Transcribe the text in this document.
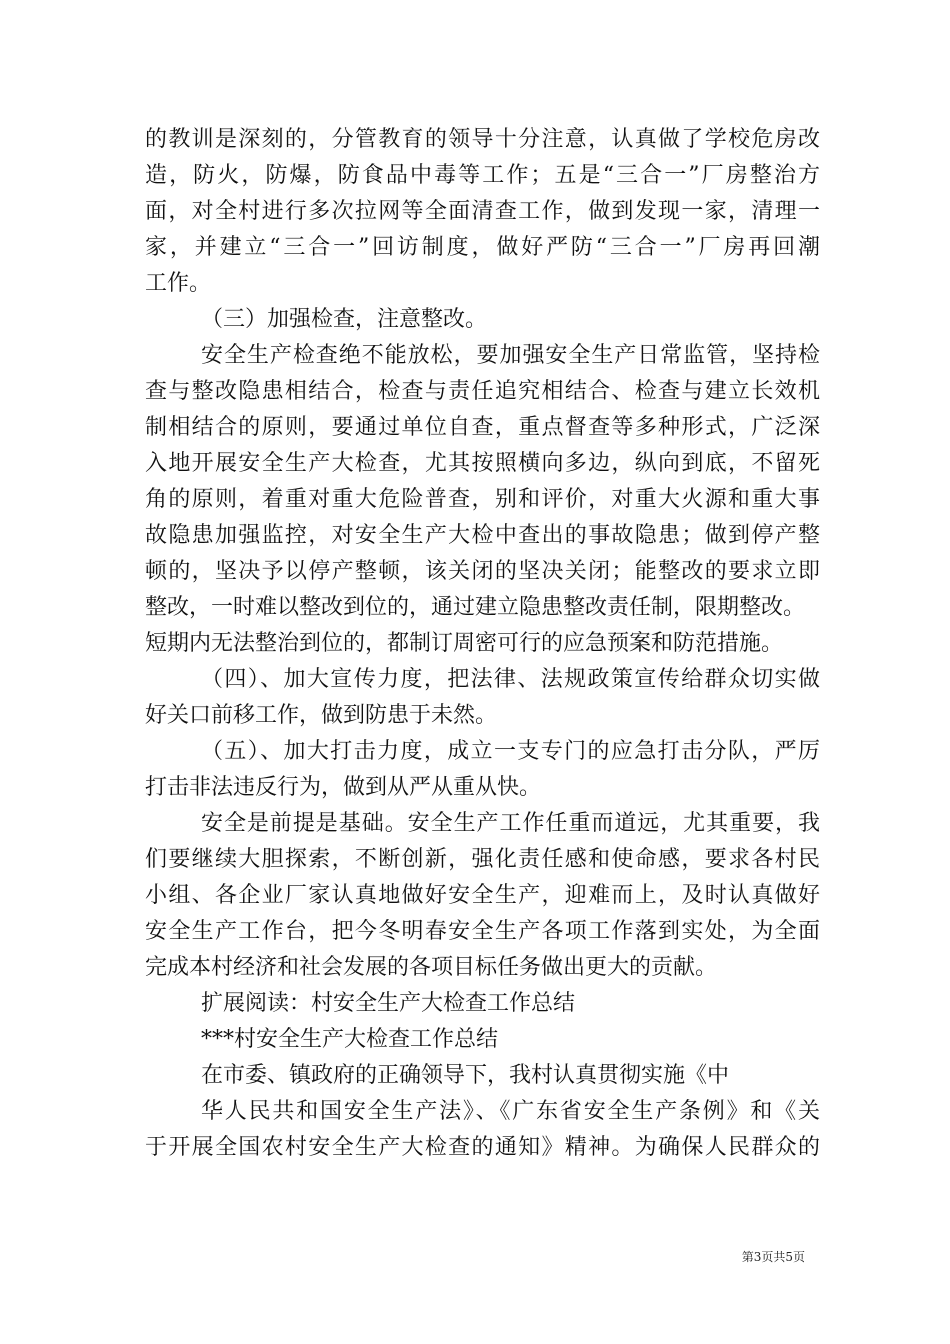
的教训是深刻的，分管教育的领导十分注意，认真做了学校危房改
造，防火，防爆，防食品中毒等工作；五是“三合一”厂房整治方
面，对全村进行多次拉网等全面清查工作，做到发现一家，清理一
家，并建立“三合一”回访制度，做好严防“三合一”厂房再回潮
工作。
（三）加强检查，注意整改。
安全生产检查绝不能放松，要加强安全生产日常监管，坚持检
查与整改隐患相结合，检查与责任追究相结合、检查与建立长效机
制相结合的原则，要通过单位自查，重点督查等多种形式，广泛深
入地开展安全生产大检查，尤其按照横向多边，纵向到底，不留死
角的原则，着重对重大危险普查，别和评价，对重大火源和重大事
故隐患加强监控，对安全生产大检中查出的事故隐患；做到停产整
顿的，坚决予以停产整顿，该关闭的坚决关闭；能整改的要求立即
整改，一时难以整改到位的，通过建立隐患整改责任制，限期整改。
短期内无法整治到位的，都制订周密可行的应急预案和防范措施。
（四）、加大宣传力度，把法律、法规政策宣传给群众切实做
好关口前移工作，做到防患于未然。
（五）、加大打击力度，成立一支专门的应急打击分队，严厉
打击非法违反行为，做到从严从重从快。
安全是前提是基础。安全生产工作任重而道远，尤其重要，我
们要继续大胆探索，不断创新，强化责任感和使命感，要求各村民
小组、各企业厂家认真地做好安全生产，迎难而上，及时认真做好
安全生产工作台，把今冬明春安全生产各项工作落到实处，为全面
完成本村经济和社会发展的各项目标任务做出更大的贡献。
扩展阅读：村安全生产大检查工作总结
***村安全生产大检查工作总结
在市委、镇政府的正确领导下，我村认真贯彻实施《中
华人民共和国安全生产法》、《广东省安全生产条例》和《关
于开展全国农村安全生产大检查的通知》精神。为确保人民群众的
第3页共5页
